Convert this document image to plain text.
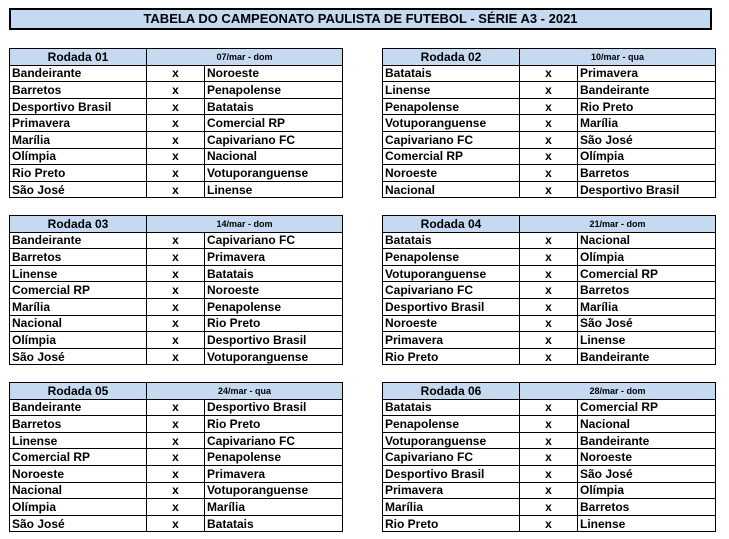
TABELA DO CAMPEONATO PAULISTA DE FUTEBOL - SÉRIE A3 - 2021
Rodada 01	07/mar - dom	
Bandeirante	x	Noroeste
Barretos	x	Penapolense
Desportivo Brasil	x	Batatais
Primavera	x	Comercial RP
Marília	x	Capivariano FC
Olímpia	x	Nacional
Rio Preto	x	Votuporanguense
São José	x	Linense
Rodada 02	10/mar - qua	
Batatais	x	Primavera
Linense	x	Bandeirante
Penapolense	x	Rio Preto
Votuporanguense	x	Marília
Capivariano FC	x	São José
Comercial RP	x	Olímpia
Noroeste	x	Barretos
Nacional	x	Desportivo Brasil
Rodada 03	14/mar - dom	
Bandeirante	x	Capivariano FC
Barretos	x	Primavera
Linense	x	Batatais
Comercial RP	x	Noroeste
Marília	x	Penapolense
Nacional	x	Rio Preto
Olímpia	x	Desportivo Brasil
São José	x	Votuporanguense
Rodada 04	21/mar - dom	
Batatais	x	Nacional
Penapolense	x	Olímpia
Votuporanguense	x	Comercial RP
Capivariano FC	x	Barretos
Desportivo Brasil	x	Marília
Noroeste	x	São José
Primavera	x	Linense
Rio Preto	x	Bandeirante
Rodada 05	24/mar - qua	
Bandeirante	x	Desportivo Brasil
Barretos	x	Rio Preto
Linense	x	Capivariano FC
Comercial RP	x	Penapolense
Noroeste	x	Primavera
Nacional	x	Votuporanguense
Olímpia	x	Marília
São José	x	Batatais
Rodada 06	28/mar - dom	
Batatais	x	Comercial RP
Penapolense	x	Nacional
Votuporanguense	x	Bandeirante
Capivariano FC	x	Noroeste
Desportivo Brasil	x	São José
Primavera	x	Olímpia
Marília	x	Barretos
Rio Preto	x	Linense
